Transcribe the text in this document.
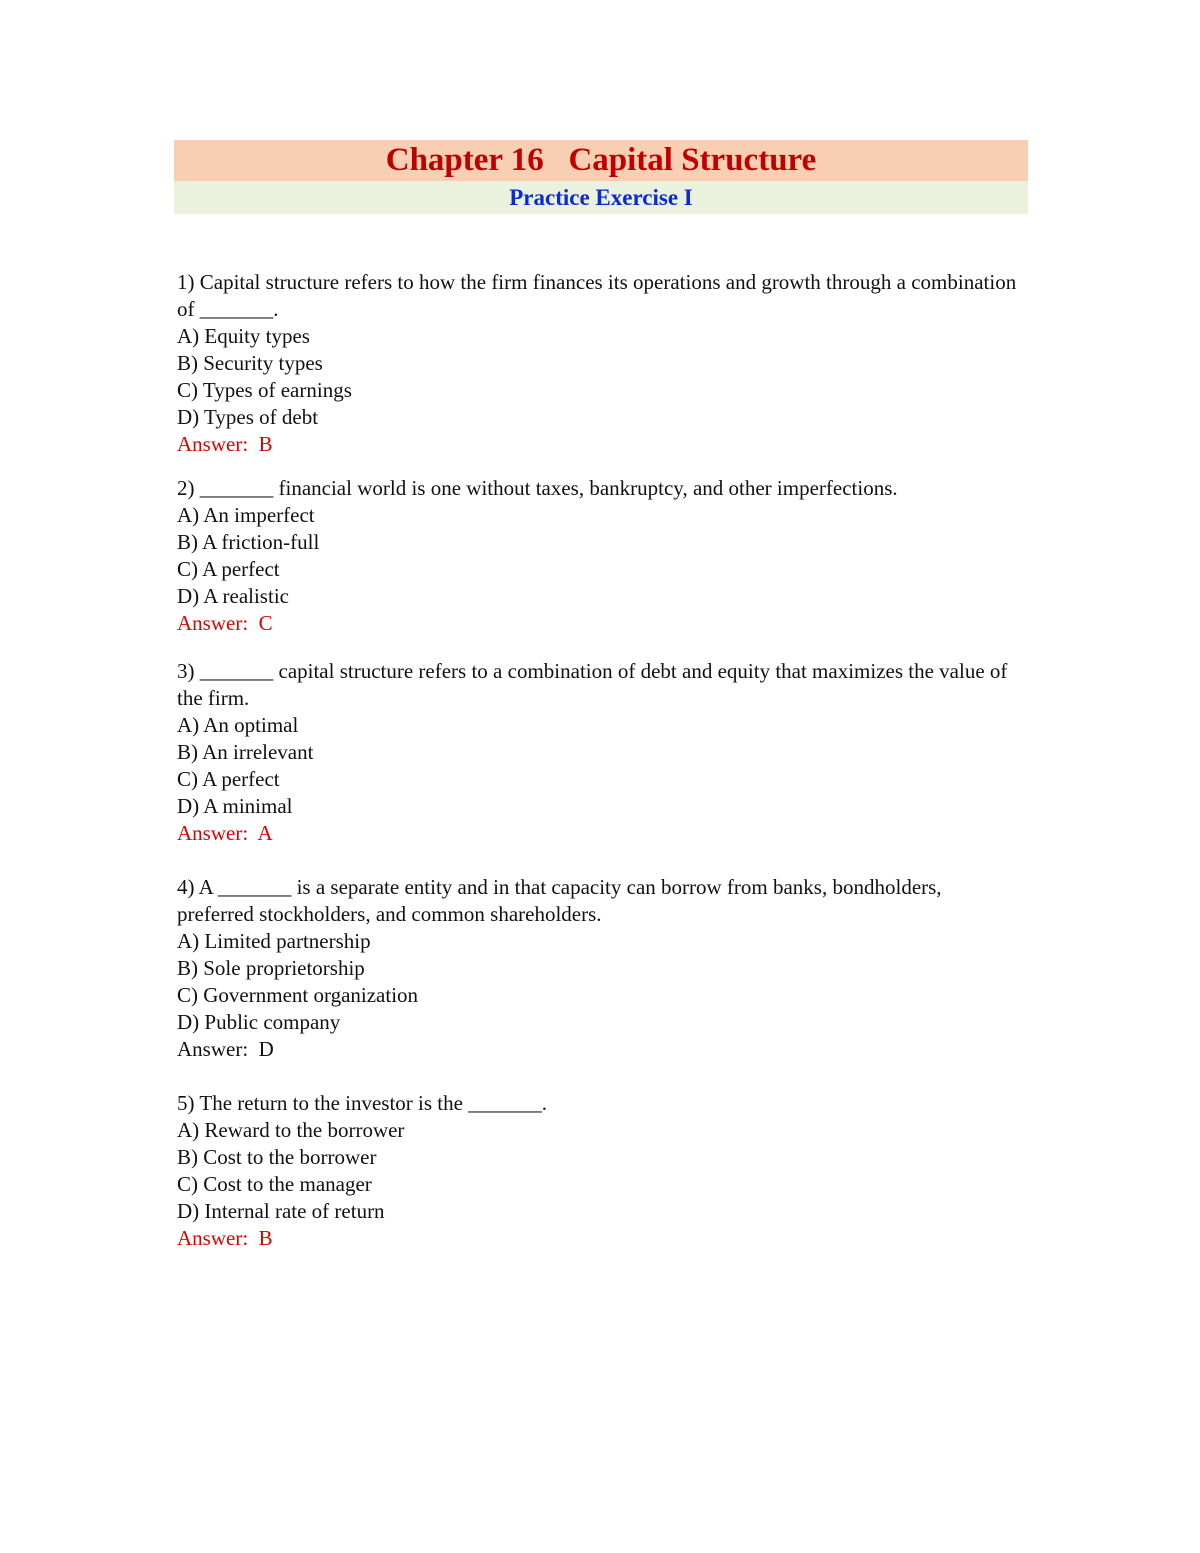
Chapter 16   Capital Structure
Practice Exercise I
1) Capital structure refers to how the firm finances its operations and growth through a combination of _______.
A) Equity types
B) Security types
C) Types of earnings
D) Types of debt
Answer:  B
2) _______ financial world is one without taxes, bankruptcy, and other imperfections.
A) An imperfect
B) A friction-full
C) A perfect
D) A realistic
Answer:  C
3) _______ capital structure refers to a combination of debt and equity that maximizes the value of the firm.
A) An optimal
B) An irrelevant
C) A perfect
D) A minimal
Answer:  A
4) A _______ is a separate entity and in that capacity can borrow from banks, bondholders, preferred stockholders, and common shareholders.
A) Limited partnership
B) Sole proprietorship
C) Government organization
D) Public company
Answer:  D
5) The return to the investor is the _______.
A) Reward to the borrower
B) Cost to the borrower
C) Cost to the manager
D) Internal rate of return
Answer:  B
